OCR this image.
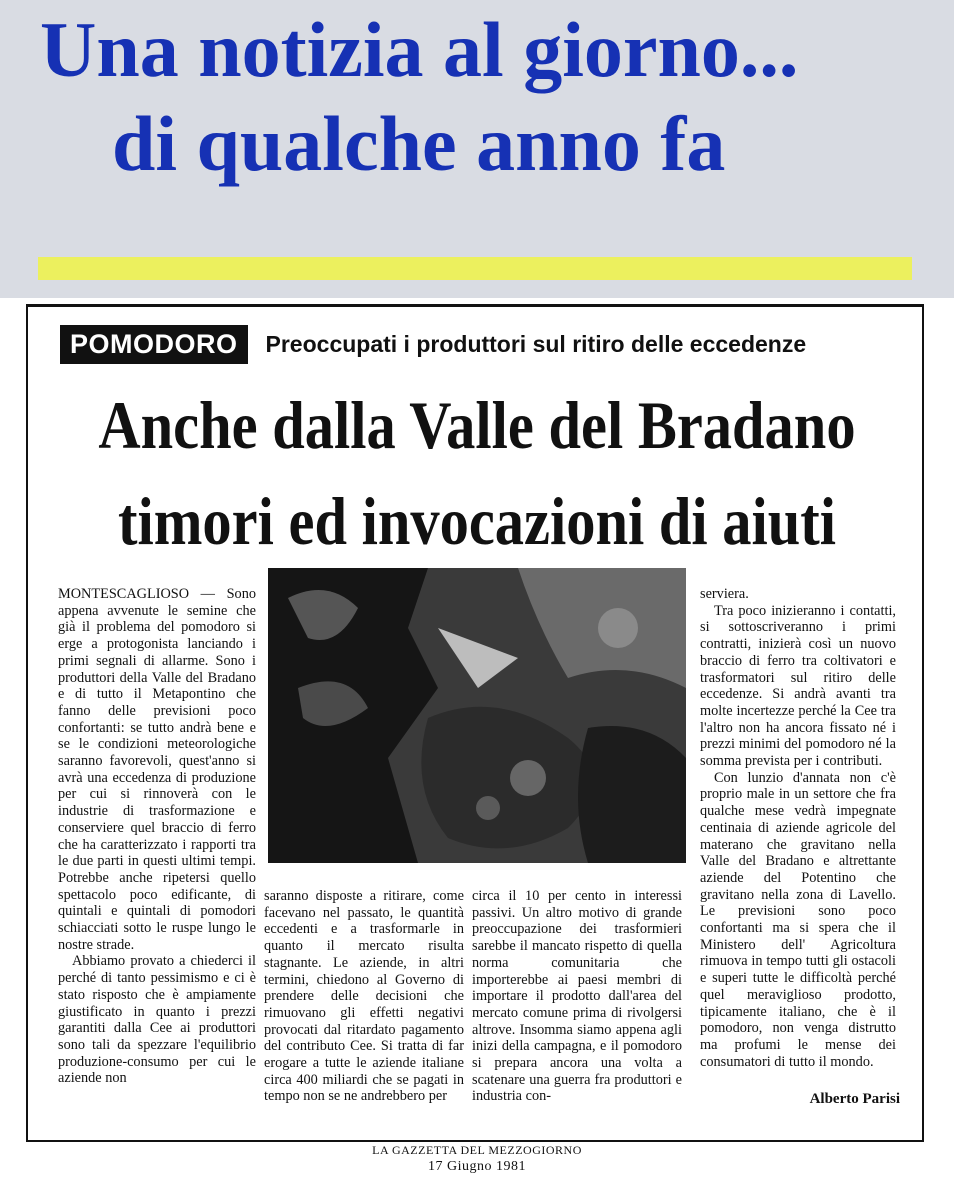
Una notizia al giorno...
di qualche anno fa
POMODORO	Preoccupati i produttori sul ritiro delle eccedenze
Anche dalla Valle del Bradano
timori ed invocazioni di aiuti

MONTESCAGLIOSO — Sono appena avvenute le semine che già il problema del pomodoro si erge a protogonista lanciando i primi segnali di allarme. Sono i produttori della Valle del Bradano e di tutto il Metapontino che fanno delle previsioni poco confortanti: se tutto andrà bene e se le condizioni meteorologiche saranno favorevoli, quest'anno si avrà una eccedenza di produzione per cui si rinnoverà con le industrie di trasformazione e conserviere quel braccio di ferro che ha caratterizzato i rapporti tra le due parti in questi ultimi tempi. Potrebbe anche ripetersi quello spettacolo poco edificante, di quintali e quintali di pomodori schiacciati sotto le ruspe lungo le nostre strade.

Abbiamo provato a chiederci il perché di tanto pessimismo e ci è stato risposto che è ampiamente giustificato in quanto i prezzi garantiti dalla Cee ai produttori sono tali da spezzare l'equilibrio produzione-consumo per cui le aziende non

saranno disposte a ritirare, come facevano nel passato, le quantità eccedenti e a trasformarle in quanto il mercato risulta stagnante. Le aziende, in altri termini, chiedono al Governo di prendere delle decisioni che rimuovano gli effetti negativi provocati dal ritardato pagamento del contributo Cee. Si tratta di far erogare a tutte le aziende italiane circa 400 miliardi che se pagati in tempo non se ne andrebbero per

circa il 10 per cento in interessi passivi. Un altro motivo di grande preoccupazione dei trasformieri sarebbe il mancato rispetto di quella norma comunitaria che importerebbe ai paesi membri di importare il prodotto dall'area del mercato comune prima di rivolgersi altrove. Insomma siamo appena agli inizi della campagna, e il pomodoro si prepara ancora una volta a scatenare una guerra fra produttori e industria con-

serviera.

Tra poco inizieranno i contatti, si sottoscriveranno i primi contratti, inizierà così un nuovo braccio di ferro tra coltivatori e trasformatori sul ritiro delle eccedenze. Si andrà avanti tra molte incertezze perché la Cee tra l'altro non ha ancora fissato né i prezzi minimi del pomodoro né la somma prevista per i contributi.

Con lunzio d'annata non c'è proprio male in un settore che fra qualche mese vedrà impegnate centinaia di aziende agricole del materano che gravitano nella Valle del Bradano e altrettante aziende del Potentino che gravitano nella zona di Lavello. Le previsioni sono poco confortanti ma si spera che il Ministero dell' Agricoltura rimuova in tempo tutti gli ostacoli e superi tutte le difficoltà perché quel meraviglioso prodotto, tipicamente italiano, che è il pomodoro, non venga distrutto ma profumi le mense dei consumatori di tutto il mondo.

Alberto Parisi
LA GAZZETTA DEL MEZZOGIORNO
17 Giugno 1981
